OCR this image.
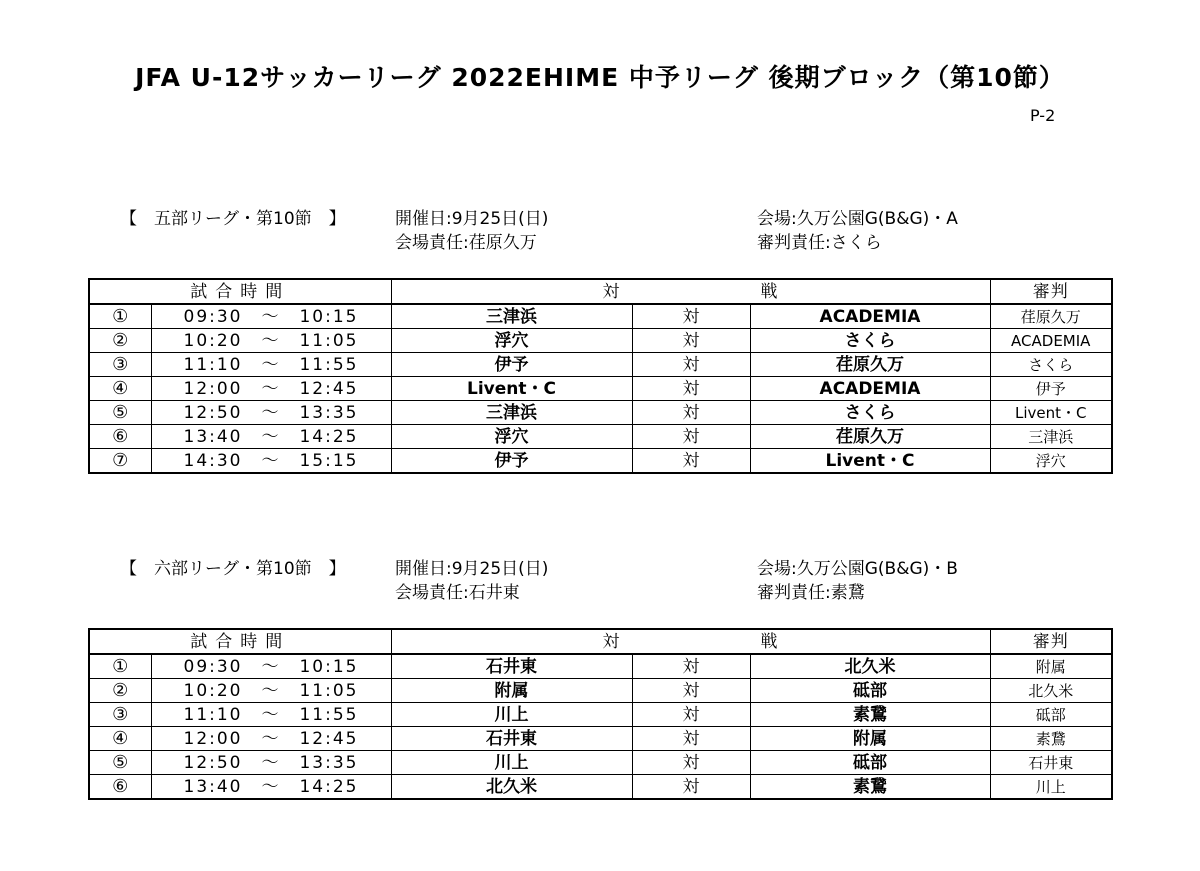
JFA U-12サッカーリーグ 2022EHIME 中予リーグ 後期ブロック（第10節）
P-2
【　五部リーグ・第10節　】	開催日:9月25日(日)
会場責任:荏原久万
会場:久万公園G(B&G)・A
審判責任:さくら
試合時間		対 戦			審判
①	09:30　～　10:15	三津浜	対	ACADEMIA	荏原久万
②	10:20　～　11:05	浮穴	対	さくら	ACADEMIA
③	11:10　～　11:55	伊予	対	荏原久万	さくら
④	12:00　～　12:45	Livent・C	対	ACADEMIA	伊予
⑤	12:50　～　13:35	三津浜	対	さくら	Livent・C
⑥	13:40　～　14:25	浮穴	対	荏原久万	三津浜
⑦	14:30　～　15:15	伊予	対	Livent・C	浮穴
【　六部リーグ・第10節　】	開催日:9月25日(日)
会場責任:石井東
会場:久万公園G(B&G)・B
審判責任:素鵞
試合時間		対 戦			審判
①	09:30　～　10:15	石井東	対	北久米	附属
②	10:20　～　11:05	附属	対	砥部	北久米
③	11:10　～　11:55	川上	対	素鵞	砥部
④	12:00　～　12:45	石井東	対	附属	素鵞
⑤	12:50　～　13:35	川上	対	砥部	石井東
⑥	13:40　～　14:25	北久米	対	素鵞	川上
